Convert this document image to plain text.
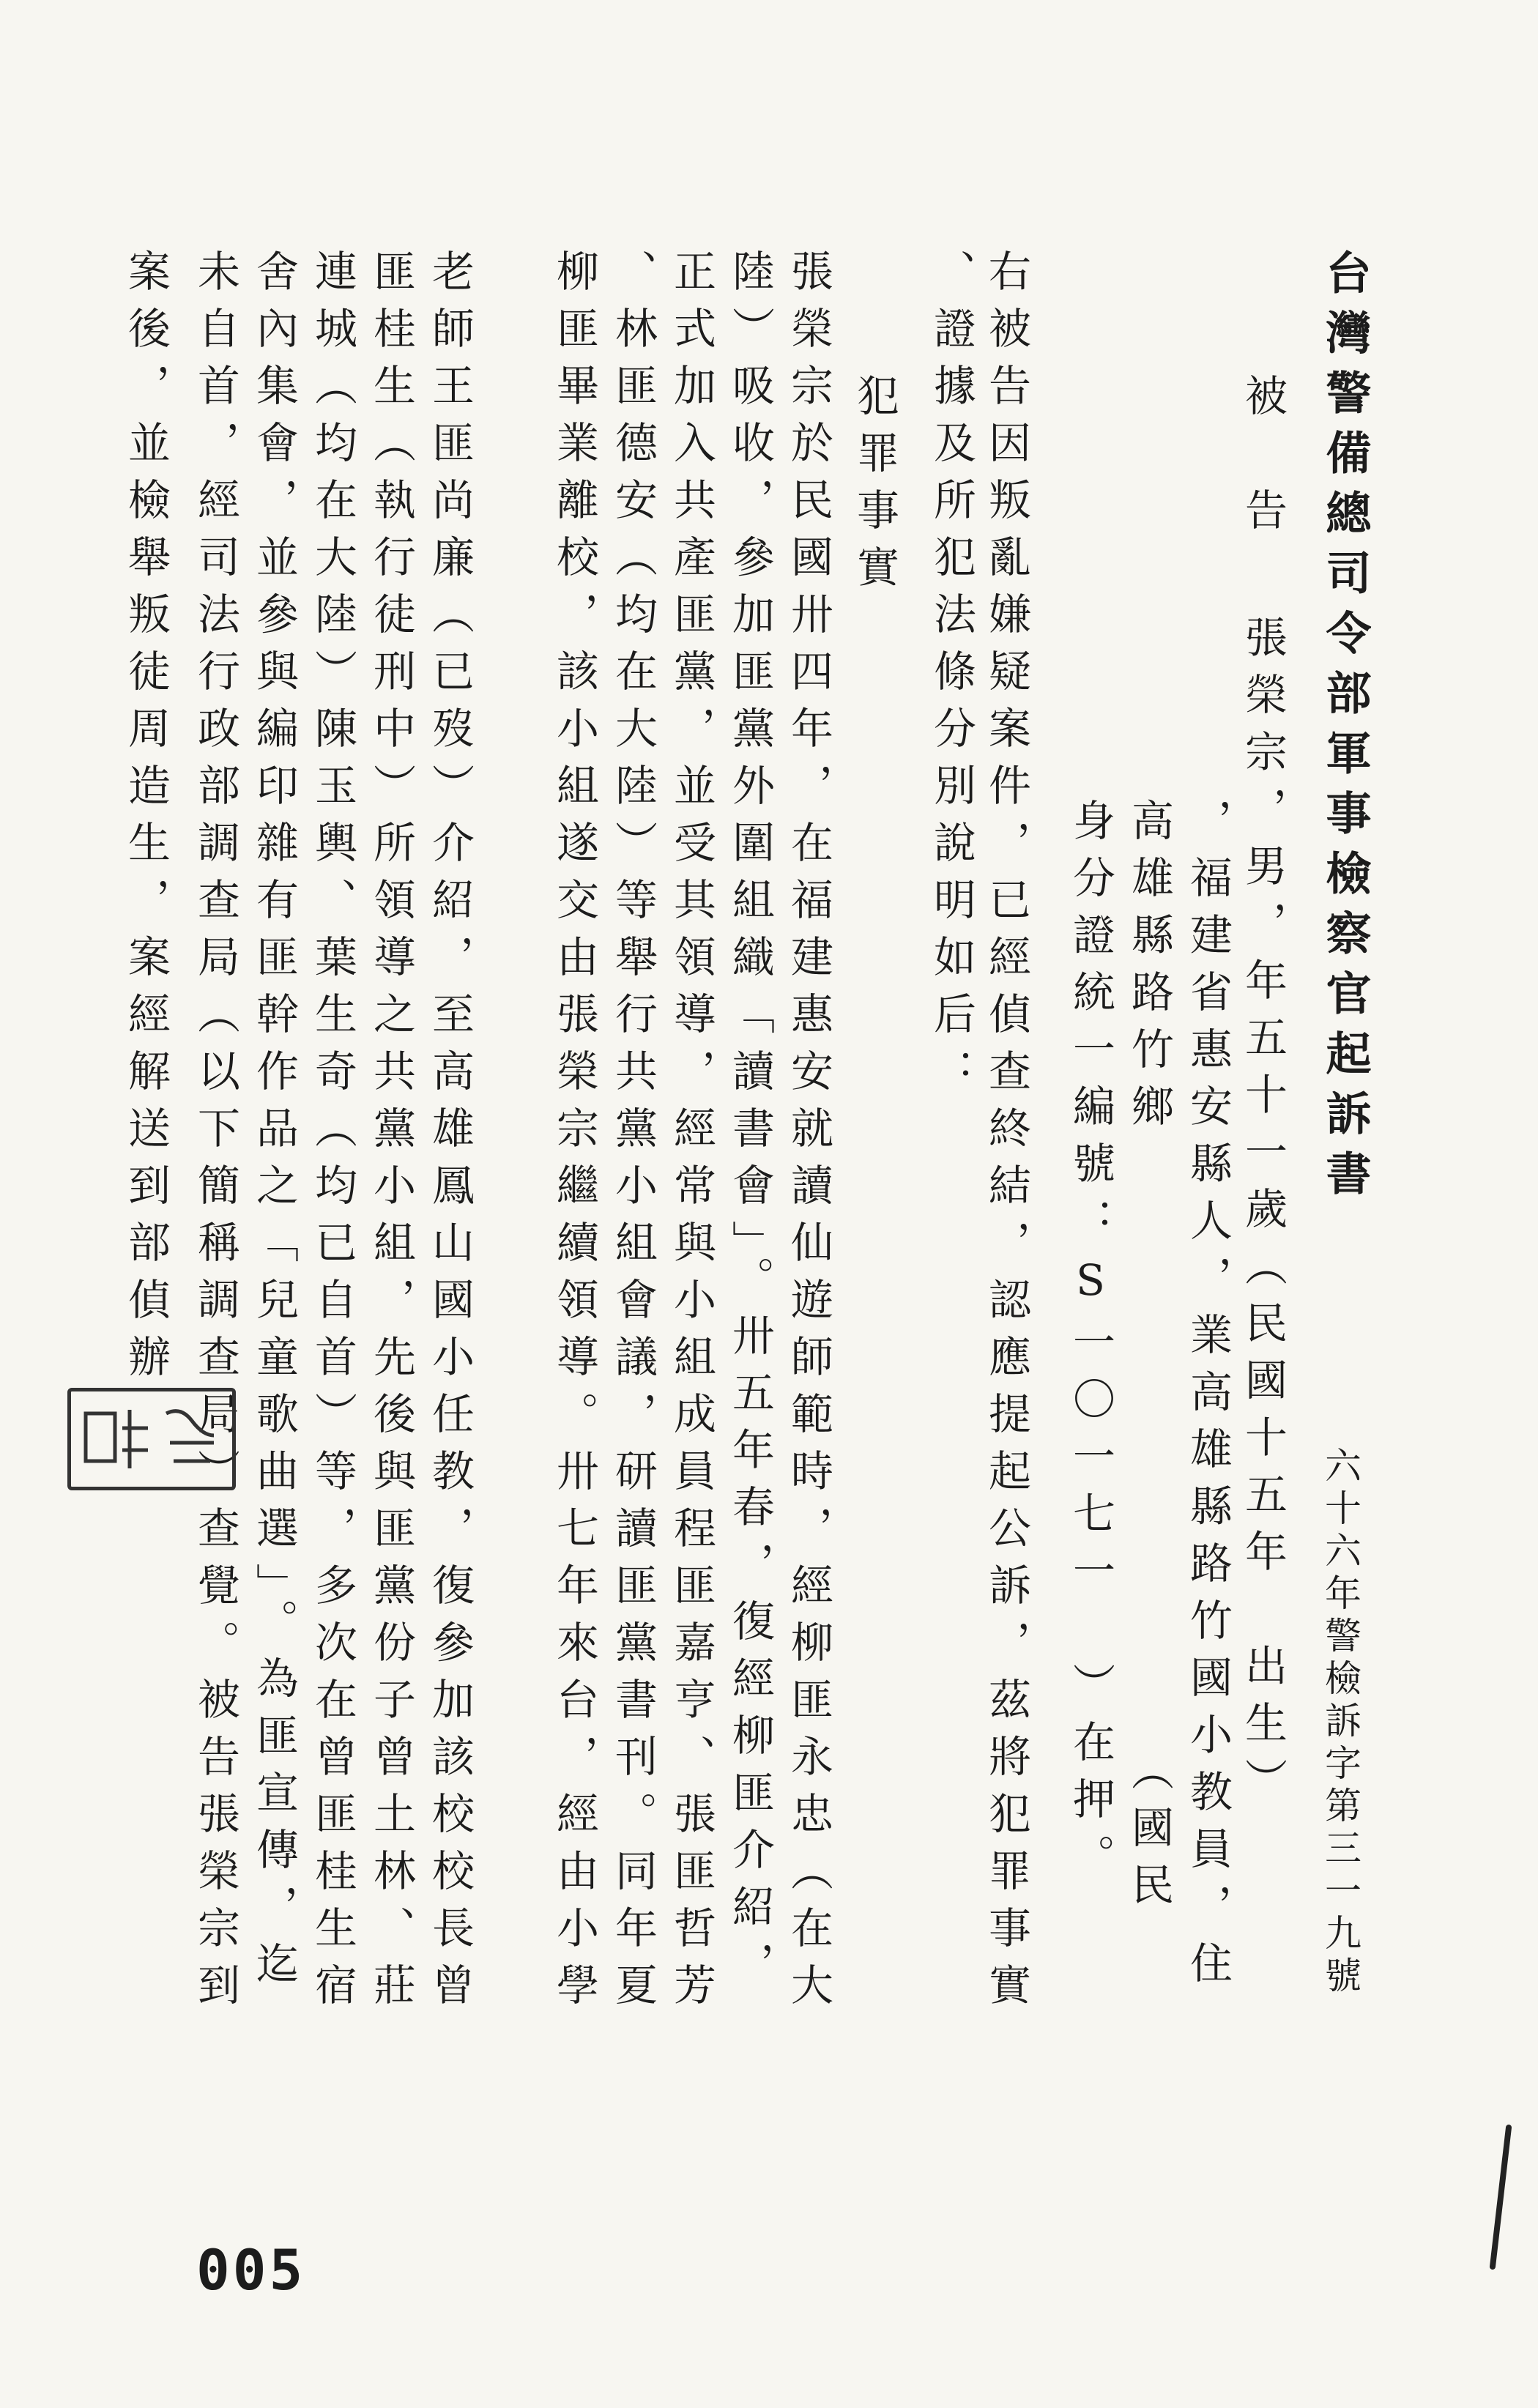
台灣警備總司令部軍事檢察官起訴書
六十六年警檢訴字第三一九號
被　告
張榮宗，男，年五十一歲（民國十五年　出生）
，福建省惠安縣人，業高雄縣路竹國小教員，住
高雄縣路竹鄉　　　　　　　　　　　（國民
身分證統一編號：S一〇一七一　）在押。
右被告因叛亂嫌疑案件，已經偵查終結，認應提起公訴，茲將犯罪事實
、證據及所犯法條分別說明如后：
犯罪事實
張榮宗於民國卅四年，在福建惠安就讀仙遊師範時，經柳匪永忠（在大
陸）吸收，參加匪黨外圍組織「讀書會」。卅五年春，復經柳匪介紹，
正式加入共產匪黨，並受其領導，經常與小組成員程匪嘉亨、張匪哲芳
、林匪德安（均在大陸）等舉行共黨小組會議，研讀匪黨書刊。同年夏
柳匪畢業離校，該小組遂交由張榮宗繼續領導。卅七年來台，經由小學
老師王匪尚廉（已歿）介紹，至高雄鳳山國小任教，復參加該校校長曾
匪桂生（執行徒刑中）所領導之共黨小組，先後與匪黨份子曾土林、莊
連城（均在大陸）陳玉輿、葉生奇（均已自首）等，多次在曾匪桂生宿
舍內集會，並參與編印雜有匪幹作品之「兒童歌曲選」。為匪宣傳，迄
未自首，經司法行政部調查局（以下簡稱調查局）查覺。被告張榮宗到
案後，並檢舉叛徒周造生，案經解送到部偵辦
005
